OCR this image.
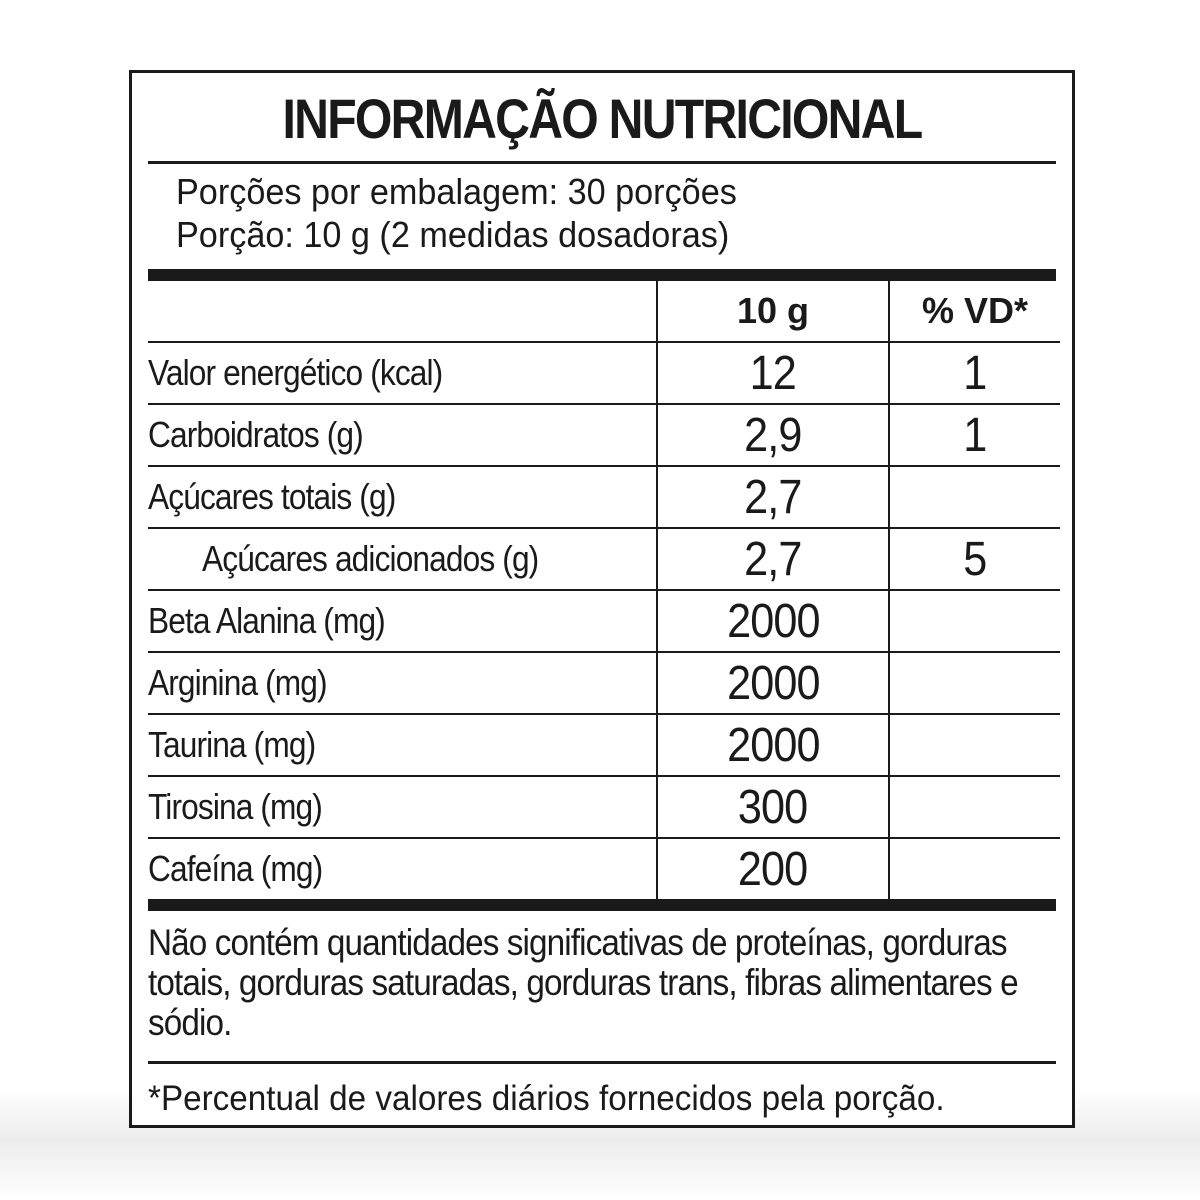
INFORMAÇÃO NUTRICIONAL
Porções por embalagem: 30 porções
Porção: 10 g (2 medidas dosadoras)
	10 g	% VD*
Valor energético (kcal)	12	1
Carboidratos (g)	2,9	1
Açúcares totais (g)	2,7	
Açúcares adicionados (g)	2,7	5
Beta Alanina (mg)	2000	
Arginina (mg)	2000	
Taurina (mg)	2000	
Tirosina (mg)	300	
Cafeína (mg)	200	
Não contém quantidades significativas de proteínas, gorduras totais, gorduras saturadas, gorduras trans, fibras alimentares e sódio.
*Percentual de valores diários fornecidos pela porção.
